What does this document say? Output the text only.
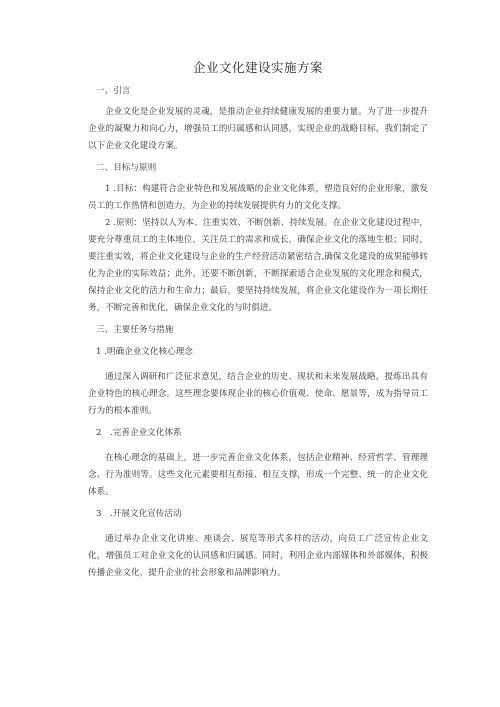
企业文化建设实施方案
一、引言

企业文化是企业发展的灵魂，是推动企业持续健康发展的重要力量。为了进一步提升企业的凝聚力和向心力，增强员工的归属感和认同感，实现企业的战略目标，我们制定了以下企业文化建设方案。

二、目标与原则

1 .目标：构建符合企业特色和发展战略的企业文化体系，塑造良好的企业形象，激发员工的工作热情和创造力，为企业的持续发展提供有力的文化支撑。

2 .原则：坚持以人为本、注重实效、不断创新、持续发展。在企业文化建设过程中，要充分尊重员工的主体地位，关注员工的需求和成长，确保企业文化的落地生根；同时，要注重实效，将企业文化建设与企业的生产经营活动紧密结合,确保文化建设的成果能够转化为企业的实际效益；此外，还要不断创新，不断探索适合企业发展的文化理念和模式，保持企业文化的活力和生命力；最后，要坚持持续发展，将企业文化建设作为一项长期任务，不断完善和优化，确保企业文化的与时俱进。

三、主要任务与措施
1 .明确企业文化核心理念

通过深入调研和广泛征求意见，结合企业的历史、现状和未来发展战略，提炼出具有企业特色的核心理念。这些理念要体现企业的核心价值观、使命、愿景等，成为指导员工行为的根本准则。

2　.完善企业文化体系

在核心理念的基础上，进一步完善企业文化体系，包括企业精神、经营哲学、管理理念、行为准则等。这些文化元素要相互衔接、相互支撑，形成一个完整、统一的企业文化体系。

3　.开展文化宣传活动

通过举办企业文化讲座、座谈会、展览等形式多样的活动，向员工广泛宣传企业文化，增强员工对企业文化的认同感和归属感。同时，利用企业内部媒体和外部媒体，积极传播企业文化，提升企业的社会形象和品牌影响力。
